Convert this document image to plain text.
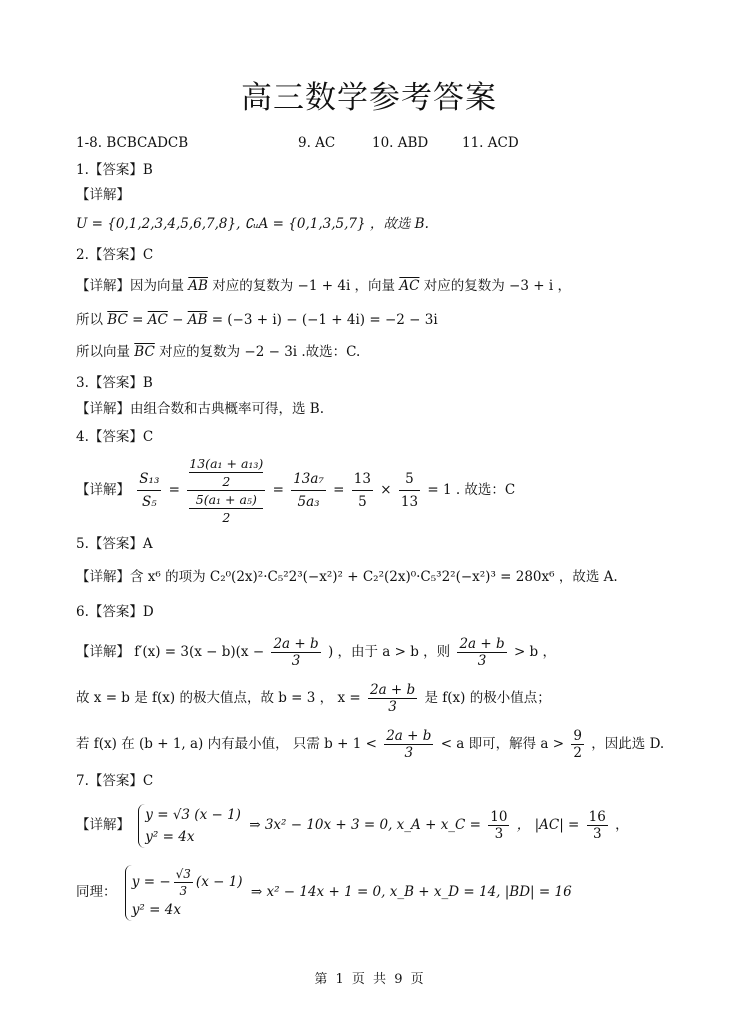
高三数学参考答案
1-8. BCBCADCB	9. AC	10. ABD 11. ACD
1.【答案】B
【详解】
U = {0,1,2,3,4,5,6,7,8}, ∁ᵤA = {0,1,3,5,7} ，故选 B.
2.【答案】C
【详解】因为向量 $\overline{AB}$ 对应的复数为 −1 + 4i ，向量 $\overline{AC}$ 对应的复数为 −3 + i ，
所以 $\overline{BC} = \overline{AC} - \overline{AB} = (-3 + i) - (-1 + 4i) = -2 - 3i$
所以向量 $\overline{BC}$ 对应的复数为 −2 − 3i .故选：C.
3.【答案】B
【详解】由组合数和古典概率可得，选 B.
4.【答案】C
【详解】 $\frac{\text{S₁₃}}{\text{S₅}} = 13(a_1 + a_{13})$
2
5(a₁ + a₅)
$2 = \frac{\text{13a₇}}{\text{5a₃}} = \frac{13}{5} \times \frac{5}{13} = 1$ . 故选：C
5.【答案】A
【详解】含 x⁶ 的项为 C₂⁰(2x)²·C₅²2³(−x²)² + C₂²(2x)⁰·C₅³2²(−x²)³ = 280x⁶ ，故选 A.
6.【答案】D
【详解】 $f'(x) = 3(x - b)(x - \frac{2a + b}{3}$ ) ，由于 a > b ，则 $\frac{2a + b}{3} > b$ ，
故 x = b 是 f(x) 的极大值点，故 b = 3 ， $x = \frac{2a + b}{3}$ 是 f(x) 的极小值点；
若 f(x) 在 (b + 1, a) 内有最小值， 只需 $b + 1 < \frac{2a + b}{3} < a$ 即可，解得 $a > \frac{9}{2}$ ，因此选 D.
7.【答案】C
【详解】
y = √3 (x − 1)
y² = 4x
⇒ 3x² − 10x + 3 = 0, x_A + x_C = $\frac{10}{3}$ ， $|AC| = \frac{16}{3}$ ，
同理：
y = − $\frac{√3}{3} (x - 1)$
y² = 4x
⇒ x² − 14x + 1 = 0, x_B + x_D = 14, |BD| = 16
第 1 页 共 9 页
